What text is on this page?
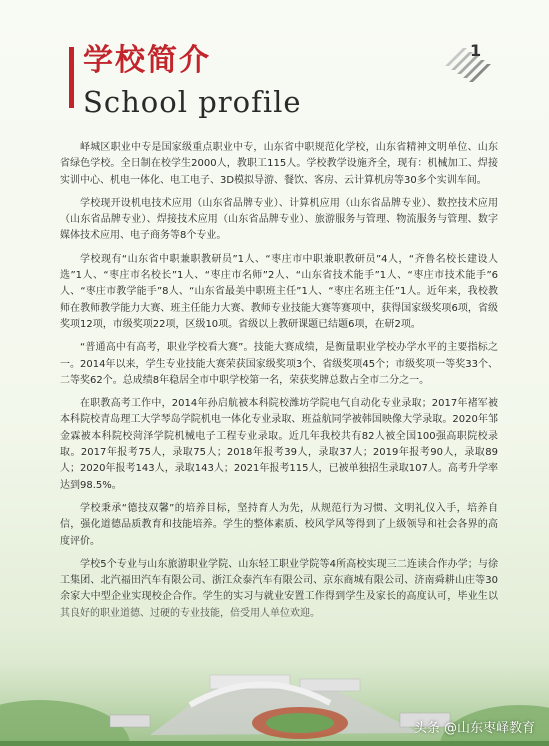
学校简介
School profile
1

峄城区职业中专是国家级重点职业中专，山东省中职规范化学校，山东省精神文明单位、山东省绿色学校。全日制在校学生2000人，教职工115人。学校教学设施齐全，现有：机械加工、焊接实训中心、机电一体化、电工电子、3D模拟导游、餐饮、客房、云计算机房等30多个实训车间。

学校现开设机电技术应用（山东省品牌专业）、计算机应用（山东省品牌专业）、数控技术应用（山东省品牌专业）、焊接技术应用（山东省品牌专业）、旅游服务与管理、物流服务与管理、数字媒体技术应用、电子商务等8个专业。

学校现有“山东省中职兼职教研员”1人、“枣庄市中职兼职教研员”4人，“齐鲁名校长建设人选”1人、“枣庄市名校长”1人、“枣庄市名师”2人、“山东省技术能手”1人、“枣庄市技术能手”6人、“枣庄市教学能手”8人、“山东省最美中职班主任”1人、“枣庄名班主任”1人。近年来，我校教师在教师教学能力大赛、班主任能力大赛、教师专业技能大赛等赛项中，获得国家级奖项6项，省级奖项12项，市级奖项22项，区级10项。省级以上教研课题已结题6项，在研2项。

“普通高中有高考，职业学校看大赛”。技能大赛成绩，是衡量职业学校办学水平的主要指标之一。2014年以来，学生专业技能大赛荣获国家级奖项3个、省级奖项45个；市级奖项一等奖33个、二等奖62个。总成绩8年稳居全市中职学校第一名，荣获奖牌总数占全市二分之一。

在职教高考工作中，2014年孙启航被本科院校潍坊学院电气自动化专业录取；2017年褚军被本科院校青岛理工大学琴岛学院机电一体化专业录取、班益航同学被韩国映像大学录取。2020年邹金霖被本科院校菏泽学院机械电子工程专业录取。近几年我校共有82人被全国100强高职院校录取。2017年报考75人，录取75人；2018年报考39人，录取37人；2019年报考90人，录取89人；2020年报考143人，录取143人；2021年报考115人，已被单独招生录取107人。高考升学率达到98.5%。

学校秉承“德技双馨”的培养目标，坚持育人为先，从规范行为习惯、文明礼仪入手，培养自信，强化道德品质教育和技能培养。学生的整体素质、校风学风等得到了上级领导和社会各界的高度评价。

学校5个专业与山东旅游职业学院、山东轻工职业学院等4所高校实现三二连读合作办学；与徐工集团、北汽福田汽车有限公司、浙江众泰汽车有限公司、京东商城有限公司、济南舜耕山庄等30

头条 @山东枣峄教育
